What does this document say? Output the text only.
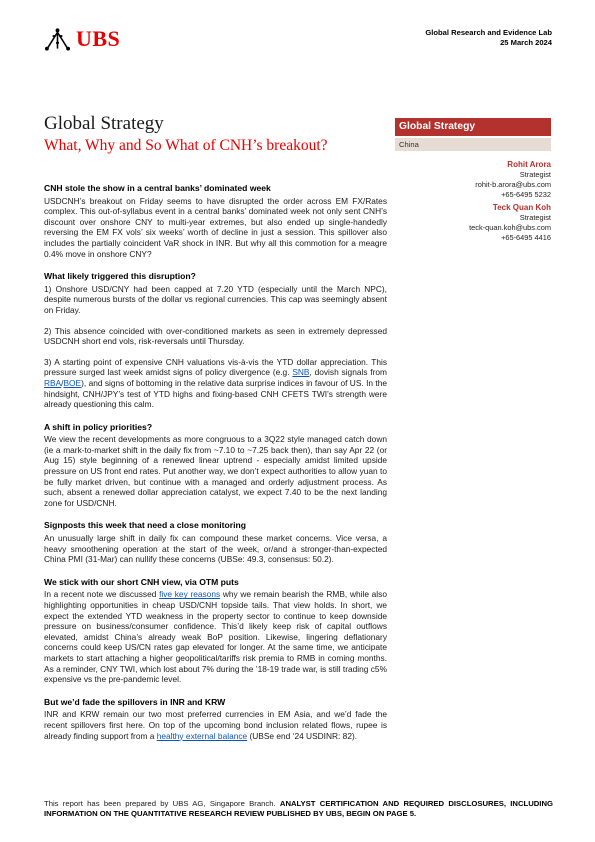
UBS	Global Research and Evidence Lab
25 March 2024
Global Strategy
What, Why and So What of CNH’s breakout?
Global Strategy
China
Rohit Arora
Strategist
rohit-b.arora@ubs.com
+65-6495 5232
Teck Quan Koh
Strategist
teck-quan.koh@ubs.com
+65-6495 4416
CNH stole the show in a central banks’ dominated week

USDCNH’s breakout on Friday seems to have disrupted the order across EM FX/Rates complex. This out-of-syllabus event in a central banks’ dominated week not only sent CNH’s discount over onshore CNY to multi-year extremes, but also ended up single-handedly reversing the EM FX vols’ six weeks’ worth of decline in just a session. This spillover also includes the partially coincident VaR shock in INR. But why all this commotion for a meagre 0.4% move in onshore CNY?

What likely triggered this disruption?

1) Onshore USD/CNY had been capped at 7.20 YTD (especially until the March NPC), despite numerous bursts of the dollar vs regional currencies. This cap was seemingly absent on Friday.

2) This absence coincided with over-conditioned markets as seen in extremely depressed USDCNH short end vols, risk-reversals until Thursday.

3) A starting point of expensive CNH valuations vis-à-vis the YTD dollar appreciation. This pressure surged last week amidst signs of policy divergence (e.g. SNB, dovish signals from RBA/BOE), and signs of bottoming in the relative data surprise indices in favour of US. In the hindsight, CNH/JPY’s test of YTD highs and fixing-based CNH CFETS TWI’s strength were already questioning this calm.

A shift in policy priorities?

We view the recent developments as more congruous to a 3Q22 style managed catch down (ie a mark-to-market shift in the daily fix from ~7.10 to ~7.25 back then), than say Apr 22 (or Aug 15) style beginning of a renewed linear uptrend - especially amidst limited upside pressure on US front end rates. Put another way, we don’t expect authorities to allow yuan to be fully market driven, but continue with a managed and orderly adjustment process. As such, absent a renewed dollar appreciation catalyst, we expect 7.40 to be the next landing zone for USD/CNH.

Signposts this week that need a close monitoring

An unusually large shift in daily fix can compound these market concerns. Vice versa, a heavy smoothening operation at the start of the week, or/and a stronger-than-expected China PMI (31-Mar) can nullify these concerns (UBSe: 49.3, consensus: 50.2).

We stick with our short CNH view, via OTM puts

In a recent note we discussed five key reasons why we remain bearish the RMB, while also highlighting opportunities in cheap USD/CNH topside tails. That view holds. In short, we expect the extended YTD weakness in the property sector to continue to keep downside pressure on business/consumer confidence. This’d likely keep risk of capital outflows elevated, amidst China’s already weak BoP position. Likewise, lingering deflationary concerns could keep US/CN rates gap elevated for longer. At the same time, we anticipate markets to start attaching a higher geopolitical/tariffs risk premia to RMB in coming months. As a reminder, CNY TWI, which lost about 7% during the ’18-19 trade war, is still trading c5% expensive vs the pre-pandemic level.

But we’d fade the spillovers in INR and KRW

INR and KRW remain our two most preferred currencies in EM Asia, and we’d fade the recent spillovers first here. On top of the upcoming bond inclusion related flows, rupee is already finding support from a healthy external balance (UBSe end ‘24 USDINR: 82).

This report has been prepared by UBS AG, Singapore Branch. ANALYST CERTIFICATION AND REQUIRED DISCLOSURES, INCLUDING INFORMATION ON THE QUANTITATIVE RESEARCH REVIEW PUBLISHED BY UBS, BEGIN ON PAGE 5.
